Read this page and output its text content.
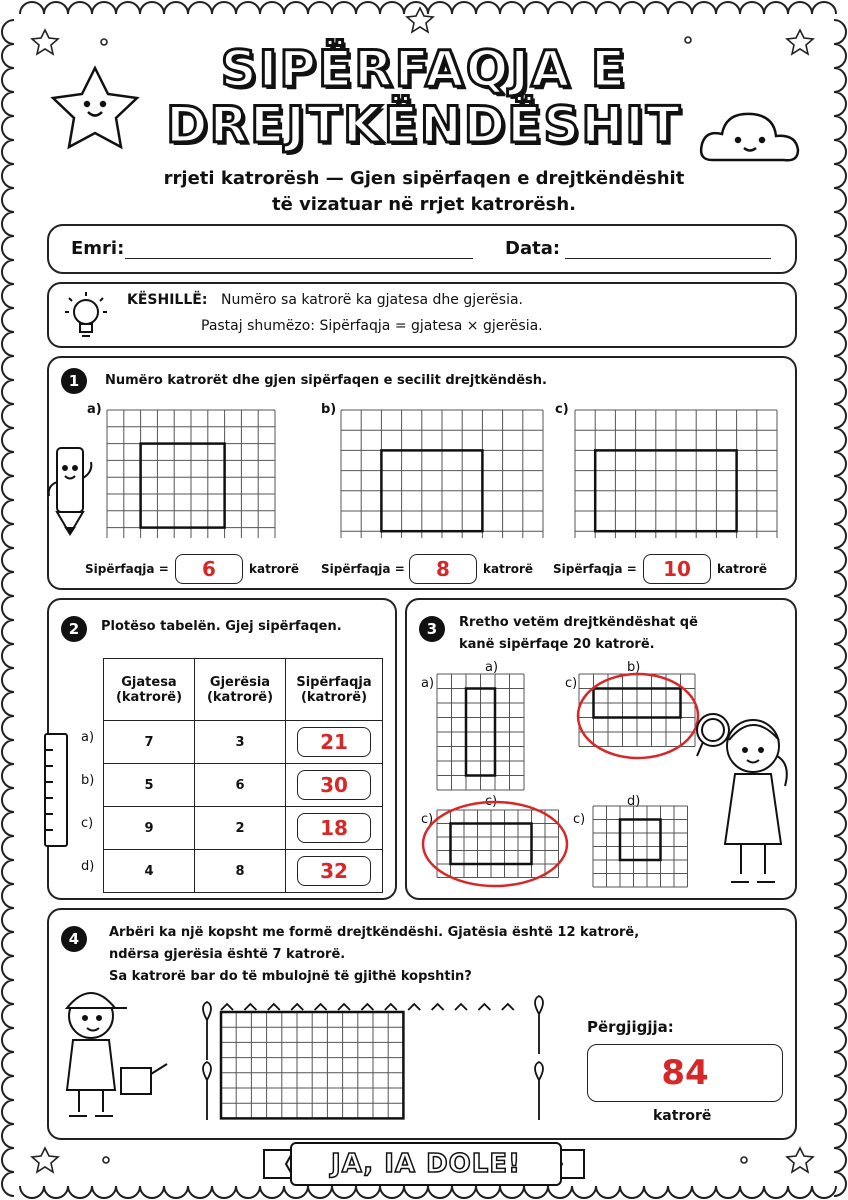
SIPËRFAQJA E
DREJTKËNDËSHIT
rrjeti katrorësh — Gjen sipërfaqen e drejtkëndëshit
të vizatuar në rrjet katrorësh.
Emri:	Data:
KËSHILLË: Numëro sa katrorë ka gjatesa dhe gjerësia.
Pastaj shumëzo: Sipërfaqja = gjatesa × gjerësia.
1	Numëro katrorët dhe gjen sipërfaqen e secilit drejtkëndësh.
a)	b)	c)
Sipërfaqja =	6	katrorë Sipërfaqja =	8	katrorë Sipërfaqja =	10	katrorë
2	Plotëso tabelën. Gjej sipërfaqen.
Gjatesa (katrorë)	Gjerësia (katrorë)	Sipërfaqja (katrorë)
7	3	21

5	6	30

9	2	18

4	8	32
a)
b)
c)
d)
3	Rretho vetëm drejtkëndëshat që
kanë sipërfaqe 20 katrorë.
a)
a)
c)
b)
c)
c)
c)
d)
4	Arbëri ka një kopsht me formë drejtkëndëshi. Gjatësia është 12 katrorë,
ndërsa gjerësia është 7 katrorë.
Sa katrorë bar do të mbulojnë të gjithë kopshtin?
Përgjigjja:
84
katrorë
JA, IA DOLE!
